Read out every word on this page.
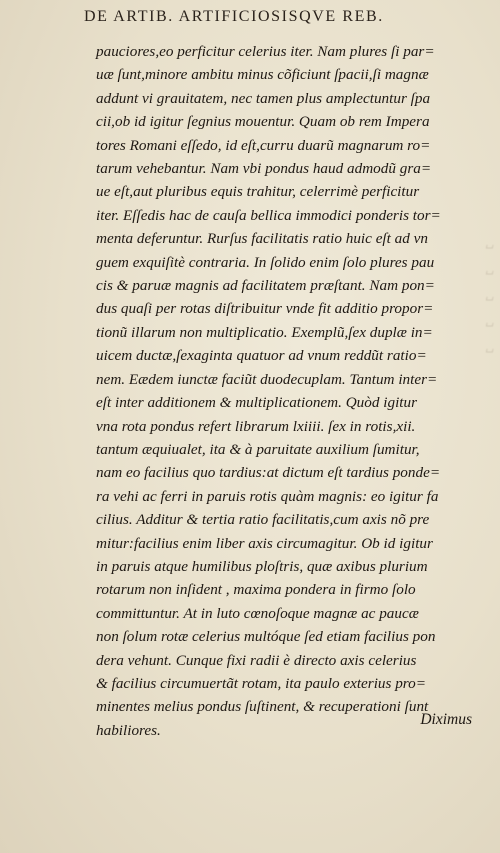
␣
␣
␣
␣
␣
DE ARTIB. ARTIFICIOSISQVE REB.
pauciores,eo perficitur celerius iter. Nam plures ſi par=
uæ ſunt,minore ambitu minus cõficiunt ſpacii,ſi magnæ
addunt vi grauitatem, nec tamen plus amplectuntur ſpa
cii,ob id igitur ſegnius mouentur. Quam ob rem Impera
tores Romani eſſedo, id eſt,curru duarũ magnarum ro=
tarum vehebantur. Nam vbi pondus haud admodũ gra=
ue eſt,aut pluribus equis trahitur, celerrimè perficitur
iter. Eſſedis hac de cauſa bellica immodici ponderis tor=
menta deferuntur. Rurſus facilitatis ratio huic eſt ad vn
guem exquiſitè contraria. In ſolido enim ſolo plures pau
cis & paruæ magnis ad facilitatem præſtant. Nam pon=
dus quaſi per rotas diſtribuitur vnde fit additio propor=
tionũ illarum non multiplicatio. Exemplũ,ſex duplæ in=
uicem ductæ,ſexaginta quatuor ad vnum reddũt ratio=
nem. Eædem iunctæ faciũt duodecuplam. Tantum inter=
eſt inter additionem & multiplicationem. Quòd igitur
vna rota pondus refert librarum lxiiii. ſex in rotis,xii.
tantum æquiualet, ita & à paruitate auxilium ſumitur,
nam eo facilius quo tardius:at dictum eſt tardius ponde=
ra vehi ac ferri in paruis rotis quàm magnis: eo igitur fa
cilius. Additur & tertia ratio facilitatis,cum axis nõ pre
mitur:facilius enim liber axis circumagitur. Ob id igitur
in paruis atque humilibus ploſtris, quæ axibus plurium
rotarum non inſident , maxima pondera in firmo ſolo
committuntur. At in luto cœnoſoque magnæ ac paucæ
non ſolum rotæ celerius multóque ſed etiam facilius pon
dera vehunt. Cunque fixi radii è directo axis celerius
& facilius circumuertãt rotam, ita paulo exterius pro=
minentes melius pondus ſuſtinent, & recuperationi ſunt
habiliores.
Diximus
